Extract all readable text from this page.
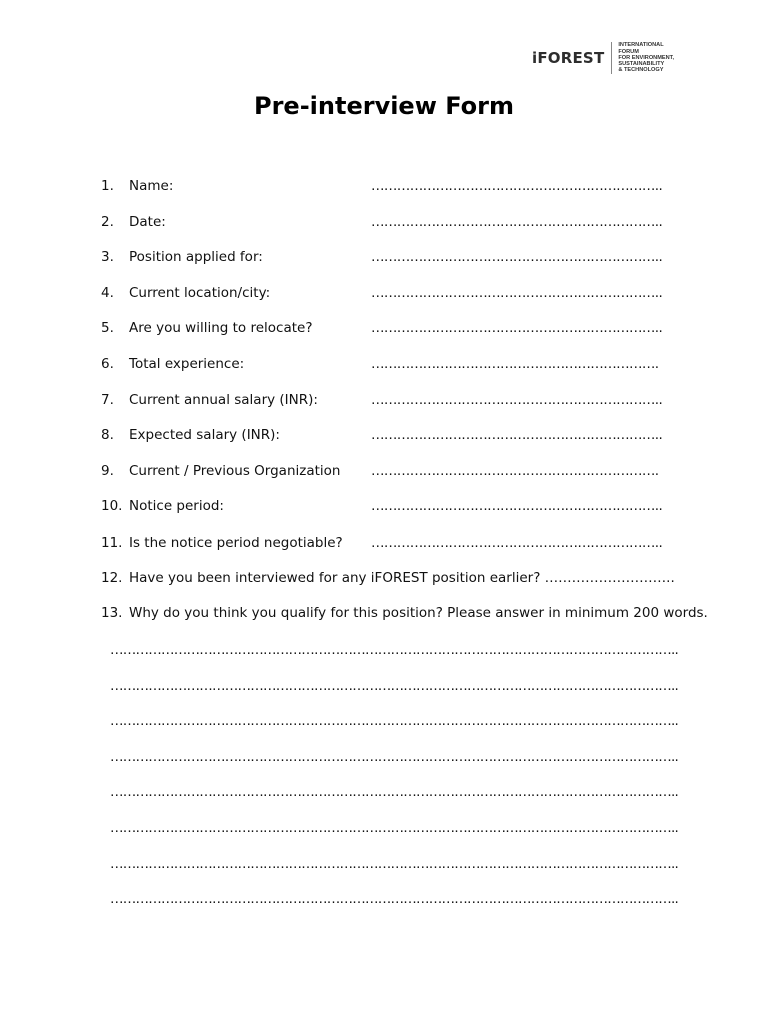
iFOREST
INTERNATIONAL
FORUM
FOR ENVIRONMENT,
SUSTAINABILITY
& TECHNOLOGY
Pre-interview Form
1. Name:	…………………………………………………………..
2. Date:	…………………………………………………………..
3. Position applied for:	…………………………………………………………..
4. Current location/city:	…………………………………………………………..
5. Are you willing to relocate?	…………………………………………………………..
6. Total experience:	………………………………………………………….
7. Current annual salary (INR):	…………………………………………………………..
8. Expected salary (INR):	…………………………………………………………..
9. Current / Previous Organization ………………………………………………………….
10. Notice period:	…………………………………………………………..
11. Is the notice period negotiable? …………………………………………………………..
12. Have you been interviewed for any iFOREST position earlier? ………………………..
13. Why do you think you qualify for this position? Please answer in minimum 200 words.
……………………………………………………………………………………………………………………..
……………………………………………………………………………………………………………………..
……………………………………………………………………………………………………………………..
……………………………………………………………………………………………………………………..
……………………………………………………………………………………………………………………..
……………………………………………………………………………………………………………………..
……………………………………………………………………………………………………………………..
……………………………………………………………………………………………………………………..
